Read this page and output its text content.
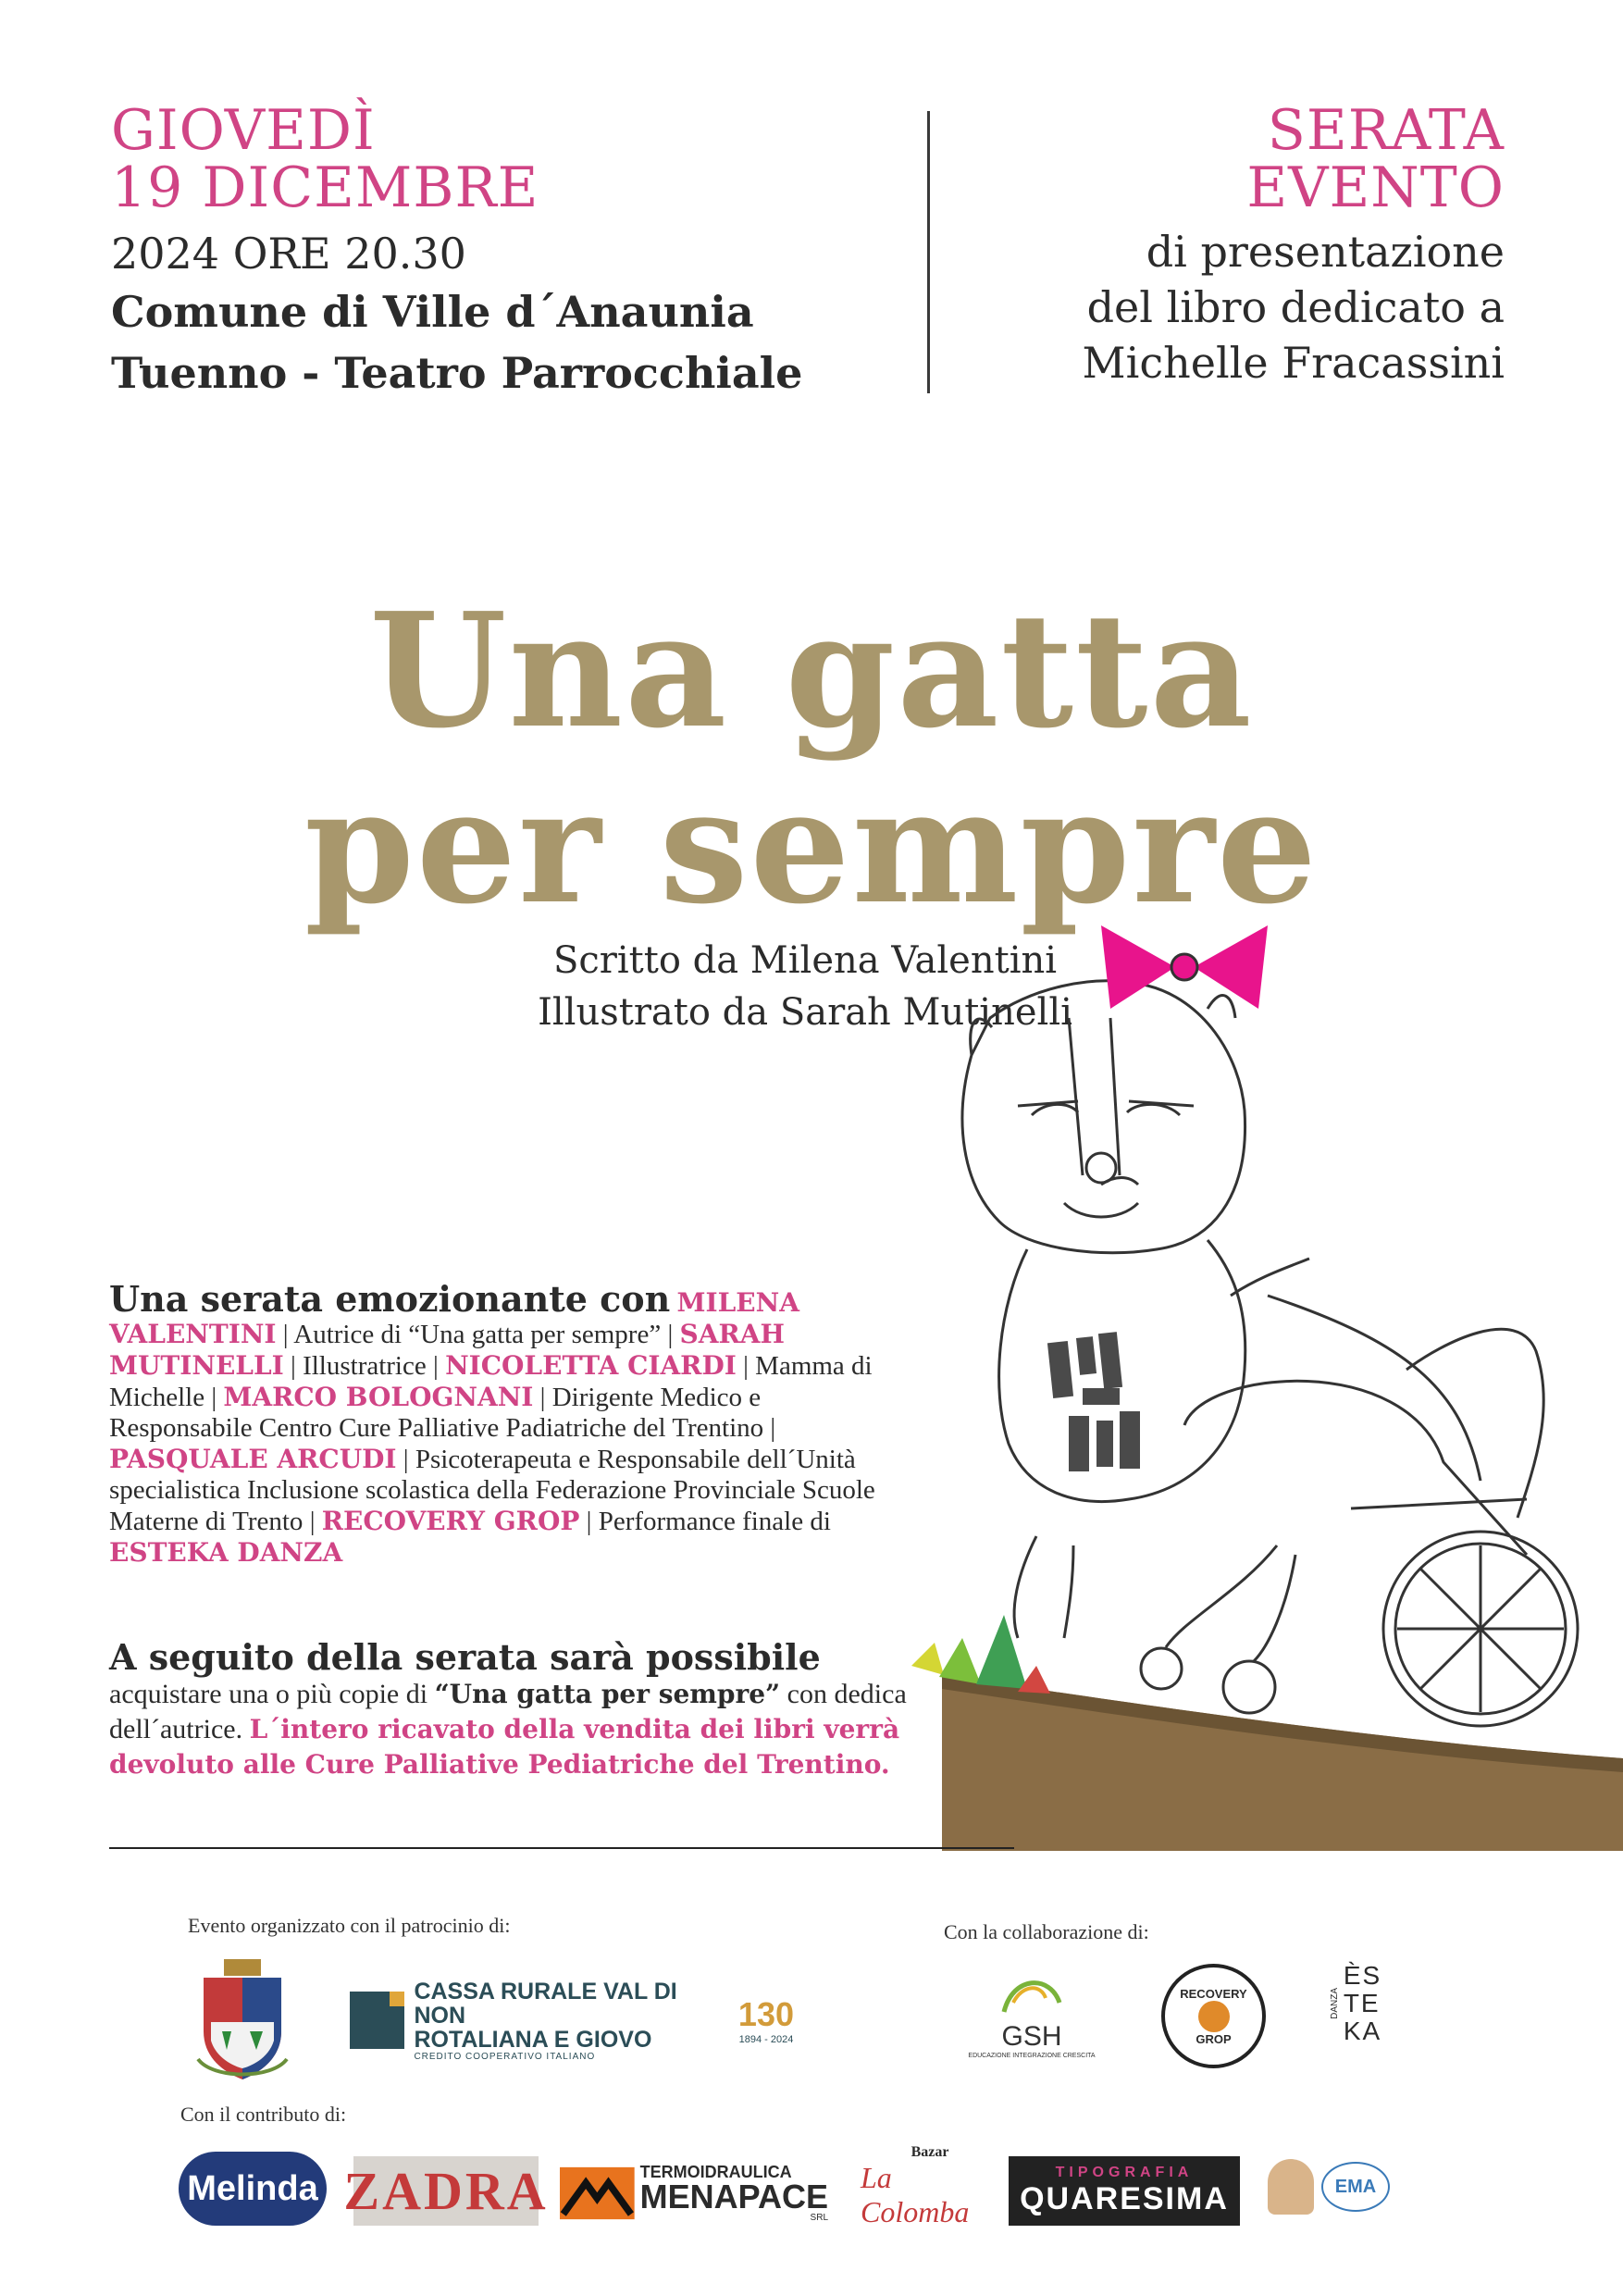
GIOVEDÌ
19 DICEMBRE
2024 ORE 20.30
Comune di Ville d´Anaunia
Tuenno - Teatro Parrocchiale
SERATA
EVENTO
di presentazione
del libro dedicato a
Michelle Fracassini
Una gatta
per sempre
Scritto da Milena Valentini
Illustrato da Sarah Mutinelli
Una serata emozionante con MILENA VALENTINI | Autrice di “Una gatta per sempre” | SARAH MUTINELLI | Illustratrice | NICOLETTA CIARDI | Mamma di Michelle | MARCO BOLOGNANI | Dirigente Medico e Responsabile Centro Cure Palliative Padiatriche del Trentino | PASQUALE ARCUDI | Psicoterapeuta e Responsabile dell´Unità specialistica Inclusione scolastica della Federazione Provinciale Scuole Materne di Trento | RECOVERY GROP | Performance finale di ESTEKA DANZA
A seguito della serata sarà possibile
acquistare una o più copie di “Una gatta per sempre” con dedica dell´autrice. L´intero ricavato della vendita dei libri verrà devoluto alle Cure Palliative Pediatriche del Trentino.
Evento organizzato con il patrocinio di:	Con la collaborazione di:
CASSA RURALE VAL DI NON
ROTALIANA E GIOVO
CREDITO COOPERATIVO ITALIANO
130
1894 - 2024	GSH
EDUCAZIONE INTEGRAZIONE CRESCITA
RECOVERY
GROP
DANZA
ÈS
TE
KA
Con il contributo di:
Melinda ZADRA	TERMOIDRAULICA
MENAPACE
SRL
Bazar
La Colomba
TIPOGRAFIA
QUARESIMA	EMA
